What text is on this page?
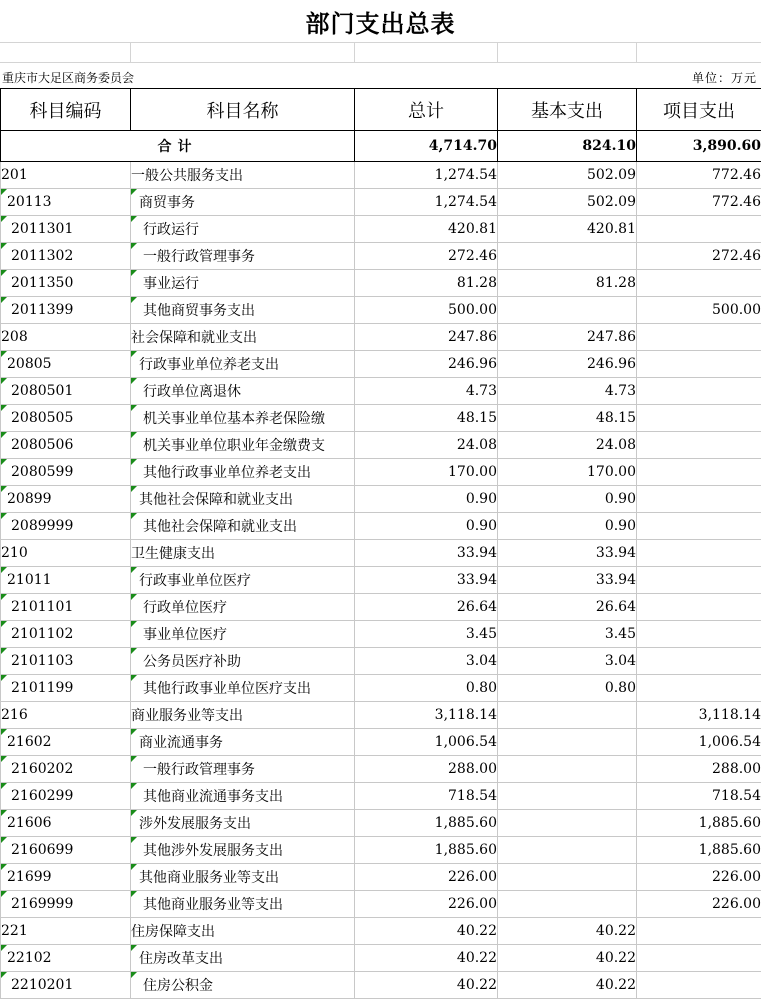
部门支出总表
重庆市大足区商务委员会	单位：万元
科目编码	科目名称	总计	基本支出	项目支出
合计		4,714.70	824.10	3,890.60
201	一般公共服务支出	1,274.54	502.09	772.46
20113	商贸事务	1,274.54	502.09	772.46
2011301	行政运行	420.81	420.81	
2011302	一般行政管理事务	272.46		272.46
2011350	事业运行	81.28	81.28	
2011399	其他商贸事务支出	500.00		500.00
208	社会保障和就业支出	247.86	247.86	
20805	行政事业单位养老支出	246.96	246.96	
2080501	行政单位离退休	4.73	4.73	
2080505	机关事业单位基本养老保险缴	48.15	48.15	
2080506	机关事业单位职业年金缴费支	24.08	24.08	
2080599	其他行政事业单位养老支出	170.00	170.00	
20899	其他社会保障和就业支出	0.90	0.90	
2089999	其他社会保障和就业支出	0.90	0.90	
210	卫生健康支出	33.94	33.94	
21011	行政事业单位医疗	33.94	33.94	
2101101	行政单位医疗	26.64	26.64	
2101102	事业单位医疗	3.45	3.45	
2101103	公务员医疗补助	3.04	3.04	
2101199	其他行政事业单位医疗支出	0.80	0.80	
216	商业服务业等支出	3,118.14		3,118.14
21602	商业流通事务	1,006.54		1,006.54
2160202	一般行政管理事务	288.00		288.00
2160299	其他商业流通事务支出	718.54		718.54
21606	涉外发展服务支出	1,885.60		1,885.60
2160699	其他涉外发展服务支出	1,885.60		1,885.60
21699	其他商业服务业等支出	226.00		226.00
2169999	其他商业服务业等支出	226.00		226.00
221	住房保障支出	40.22	40.22	
22102	住房改革支出	40.22	40.22	
2210201	住房公积金	40.22	40.22	
